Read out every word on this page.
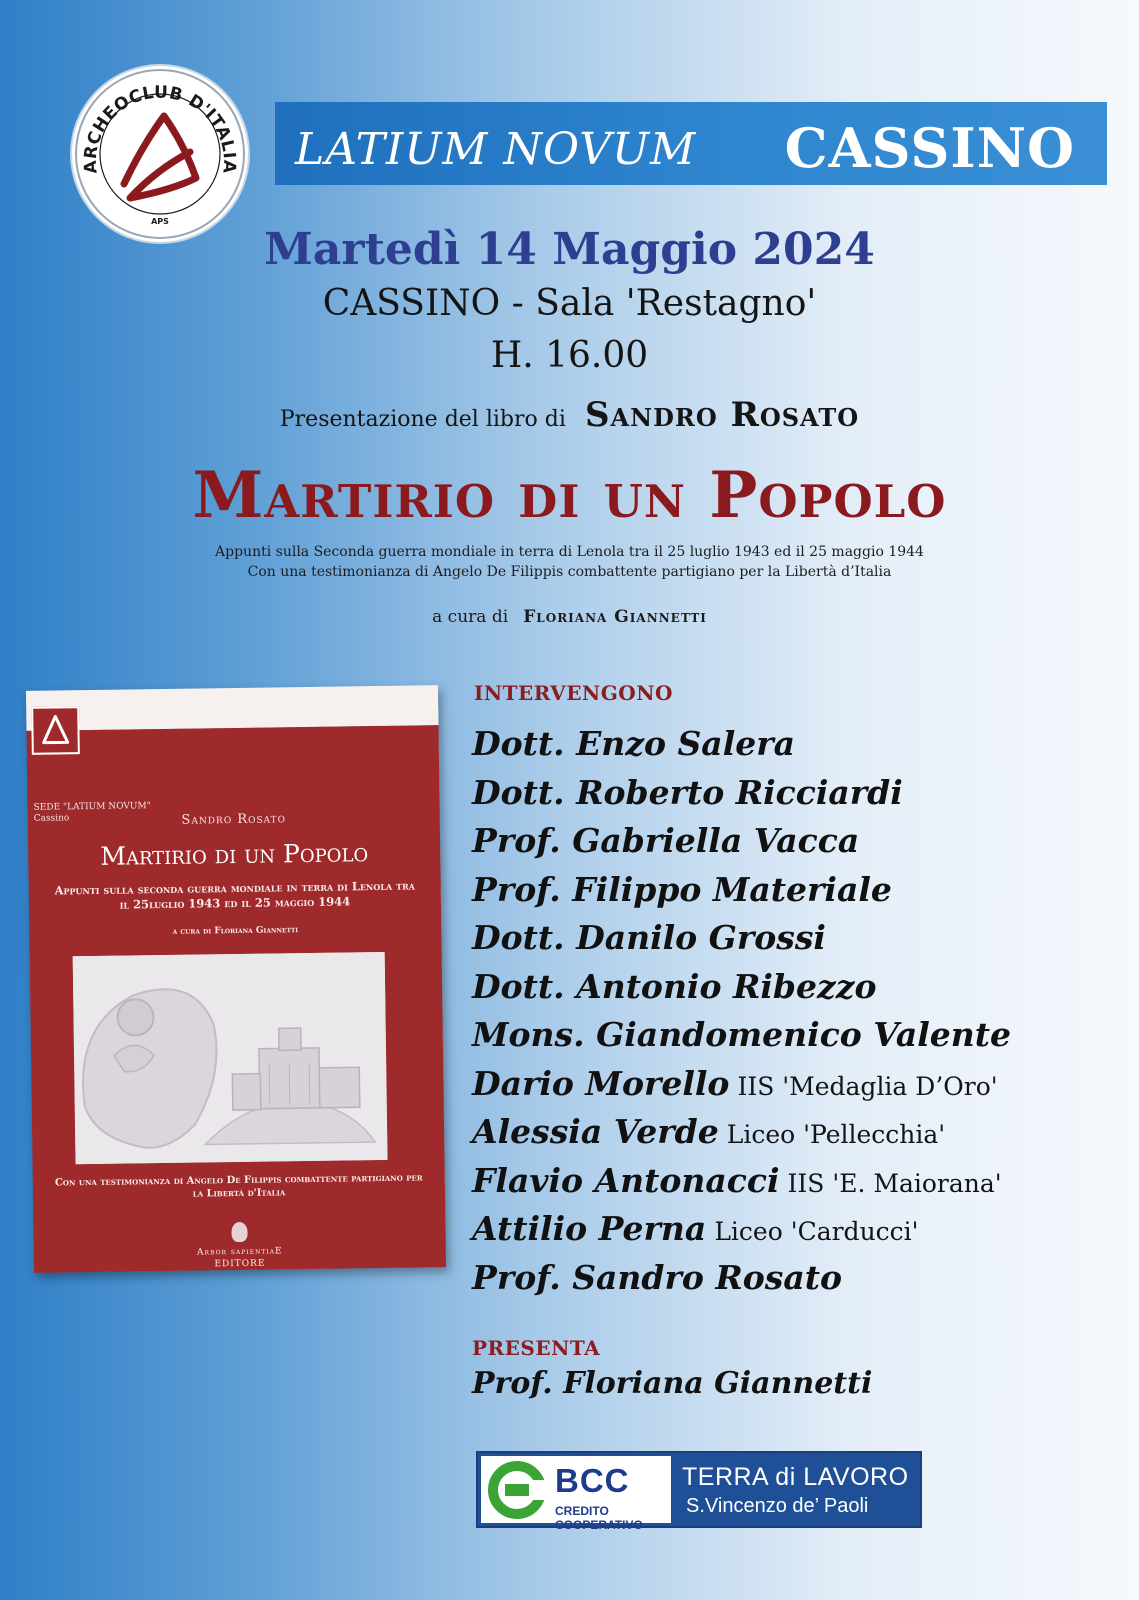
ARCHEOCLUB D'ITALIA
APS
LATIUM NOVUM CASSINO
Martedì 14 Maggio 2024
CASSINO - Sala 'Restagno'
H. 16.00
Presentazione del libro di Sandro Rosato
Martirio di un Popolo
Appunti sulla Seconda guerra mondiale in terra di Lenola tra il 25 luglio 1943 ed il 25 maggio 1944
Con una testimonianza di Angelo De Filippis combattente partigiano per la Libertà d’Italia
a cura di Floriana Giannetti
SEDE "LATIUM NOVUM"
Cassino	Sandro Rosato
Martirio di un Popolo
Appunti sulla seconda guerra mondiale in terra di Lenola tra il 25luglio 1943 ed il 25 maggio 1944
a cura di Floriana Giannetti
Con una testimonianza di Angelo De Filippis combattente partigiano per la Libertà d'Italia
Arbor sapientiaE
EDITORE
INTERVENGONO
Dott. Enzo Salera
Dott. Roberto Ricciardi
Prof. Gabriella Vacca
Prof. Filippo Materiale
Dott. Danilo Grossi
Dott. Antonio Ribezzo
Mons. Giandomenico Valente
Dario Morello IIS 'Medaglia D’Oro'
Alessia Verde Liceo 'Pellecchia'
Flavio Antonacci IIS 'E. Maiorana'
Attilio Perna Liceo 'Carducci'
Prof. Sandro Rosato
PRESENTA
Prof. Floriana Giannetti
BCC
CREDITO COOPERATIVO
TERRA di LAVORO
S.Vincenzo de’ Paoli
